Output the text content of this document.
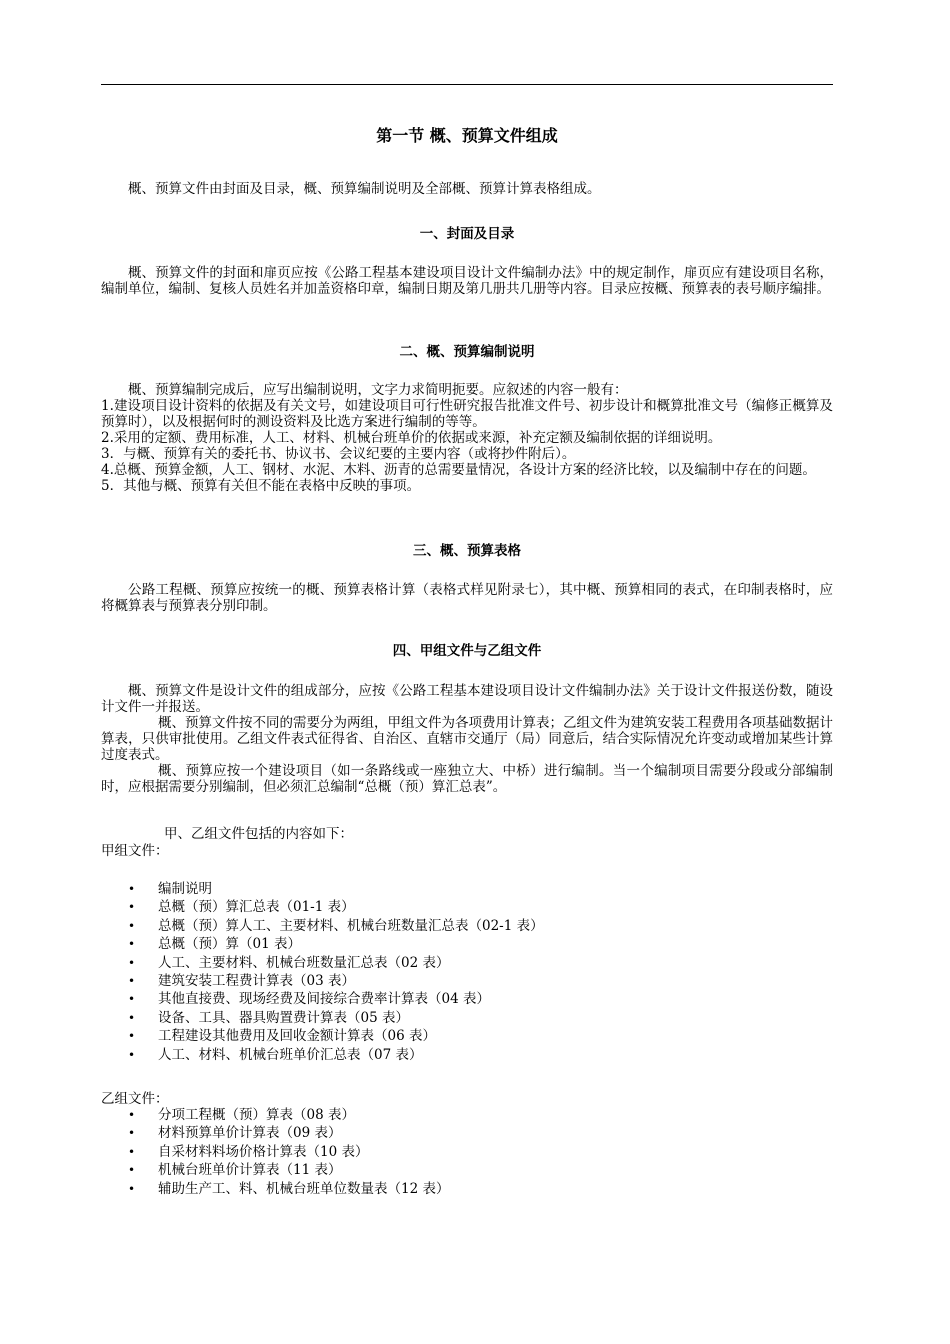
第一节 概、预算文件组成
概、预算文件由封面及目录，概、预算编制说明及全部概、预算计算表格组成。
一、封面及目录
概、预算文件的封面和扉页应按《公路工程基本建设项目设计文件编制办法》中的规定制作，扉页应有建设项目名称，编制单位，编制、复核人员姓名并加盖资格印章，编制日期及第几册共几册等内容。目录应按概、预算表的表号顺序编排。
二、概、预算编制说明
概、预算编制完成后，应写出编制说明，文字力求简明扼要。应叙述的内容一般有：
1.建设项目设计资料的依据及有关文号，如建设项目可行性研究报告批准文件号、初步设计和概算批准文号（编修正概算及预算时），以及根据何时的测设资料及比选方案进行编制的等等。
2.采用的定额、费用标准，人工、材料、机械台班单价的依据或来源，补充定额及编制依据的详细说明。
3．与概、预算有关的委托书、协议书、会议纪要的主要内容（或将抄件附后）。
4.总概、预算金额，人工、钢材、水泥、木料、沥青的总需要量情况，各设计方案的经济比较，以及编制中存在的问题。
5．其他与概、预算有关但不能在表格中反映的事项。
三、概、预算表格
公路工程概、预算应按统一的概、预算表格计算（表格式样见附录七），其中概、预算相同的表式，在印制表格时，应将概算表与预算表分别印制。
四、甲组文件与乙组文件
概、预算文件是设计文件的组成部分，应按《公路工程基本建设项目设计文件编制办法》关于设计文件报送份数，随设计文件一并报送。
概、预算文件按不同的需要分为两组，甲组文件为各项费用计算表；乙组文件为建筑安装工程费用各项基础数据计算表，只供审批使用。乙组文件表式征得省、自治区、直辖市交通厅（局）同意后，结合实际情况允许变动或增加某些计算过度表式。
概、预算应按一个建设项目（如一条路线或一座独立大、中桥）进行编制。当一个编制项目需要分段或分部编制时，应根据需要分别编制，但必须汇总编制“总概（预）算汇总表”。
甲、乙组文件包括的内容如下：
甲组文件：
• 编制说明
• 总概（预）算汇总表（01-1 表）
• 总概（预）算人工、主要材料、机械台班数量汇总表（02-1 表）
• 总概（预）算（01 表）
• 人工、主要材料、机械台班数量汇总表（02 表）
• 建筑安装工程费计算表（03 表）
• 其他直接费、现场经费及间接综合费率计算表（04 表）
• 设备、工具、器具购置费计算表（05 表）
• 工程建设其他费用及回收金额计算表（06 表）
• 人工、材料、机械台班单价汇总表（07 表）
乙组文件：
• 分项工程概（预）算表（08 表）
• 材料预算单价计算表（09 表）
• 自采材料料场价格计算表（10 表）
• 机械台班单价计算表（11 表）
• 辅助生产工、料、机械台班单位数量表（12 表）
